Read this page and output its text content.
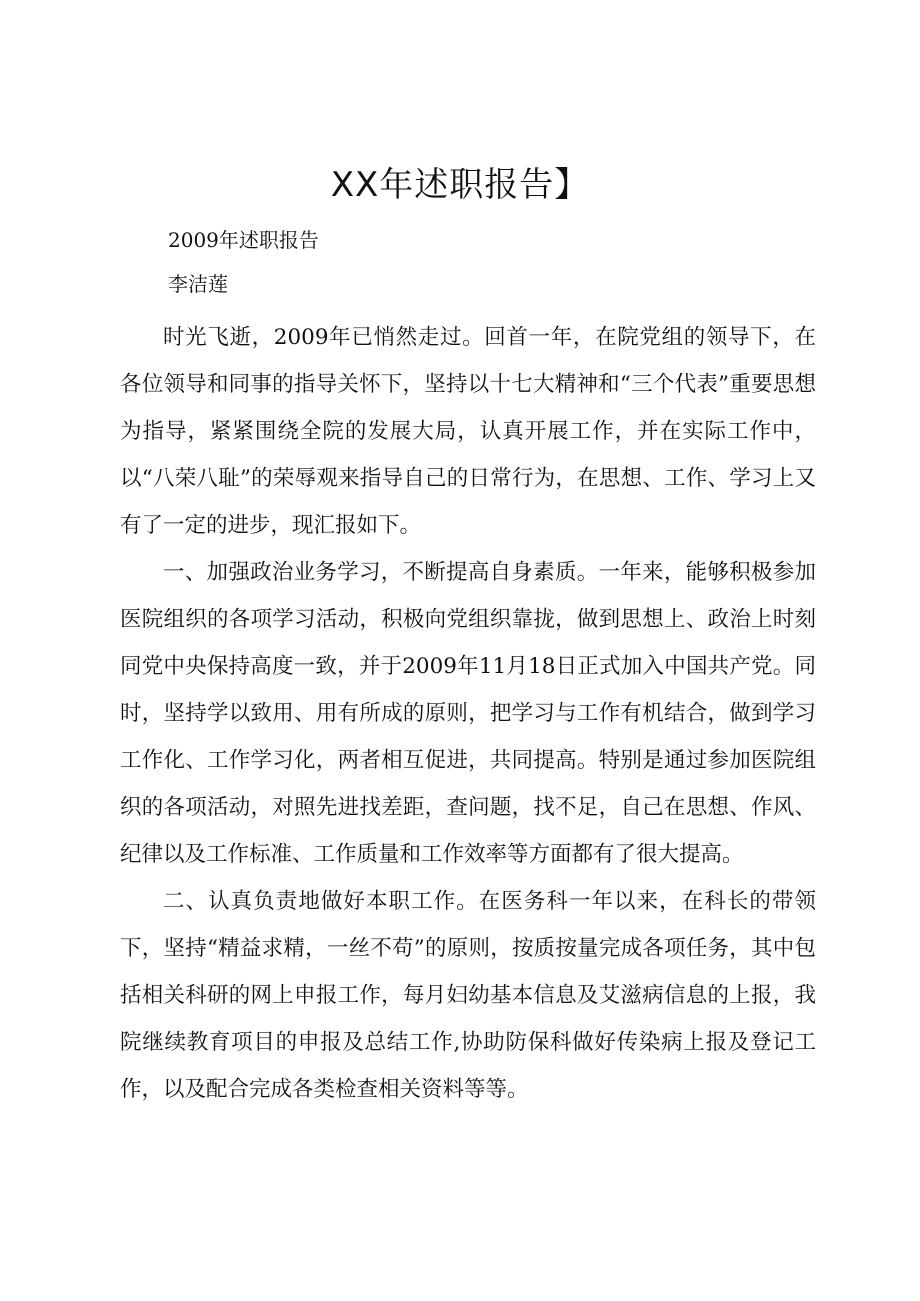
XX年述职报告】
2009年述职报告
李洁莲

时光飞逝，2009年已悄然走过。回首一年，在院党组的领导下，在各位领导和同事的指导关怀下，坚持以十七大精神和“三个代表”重要思想为指导，紧紧围绕全院的发展大局，认真开展工作，并在实际工作中，以“八荣八耻”的荣辱观来指导自己的日常行为，在思想、工作、学习上又有了一定的进步，现汇报如下。

一、加强政治业务学习，不断提高自身素质。一年来，能够积极参加医院组织的各项学习活动，积极向党组织靠拢，做到思想上、政治上时刻同党中央保持高度一致，并于2009年11月18日正式加入中国共产党。同时，坚持学以致用、用有所成的原则，把学习与工作有机结合，做到学习工作化、工作学习化，两者相互促进，共同提高。特别是通过参加医院组织的各项活动，对照先进找差距，查问题，找不足，自己在思想、作风、纪律以及工作标准、工作质量和工作效率等方面都有了很大提高。

二、认真负责地做好本职工作。在医务科一年以来，在科长的带领下，坚持“精益求精，一丝不苟”的原则，按质按量完成各项任务，其中包括相关科研的网上申报工作，每月妇幼基本信息及艾滋病信息的上报，我院继续教育项目的申报及总结工作,协助防保科做好传染病上报及登记工作，以及配合完成各类检查相关资料等等。
